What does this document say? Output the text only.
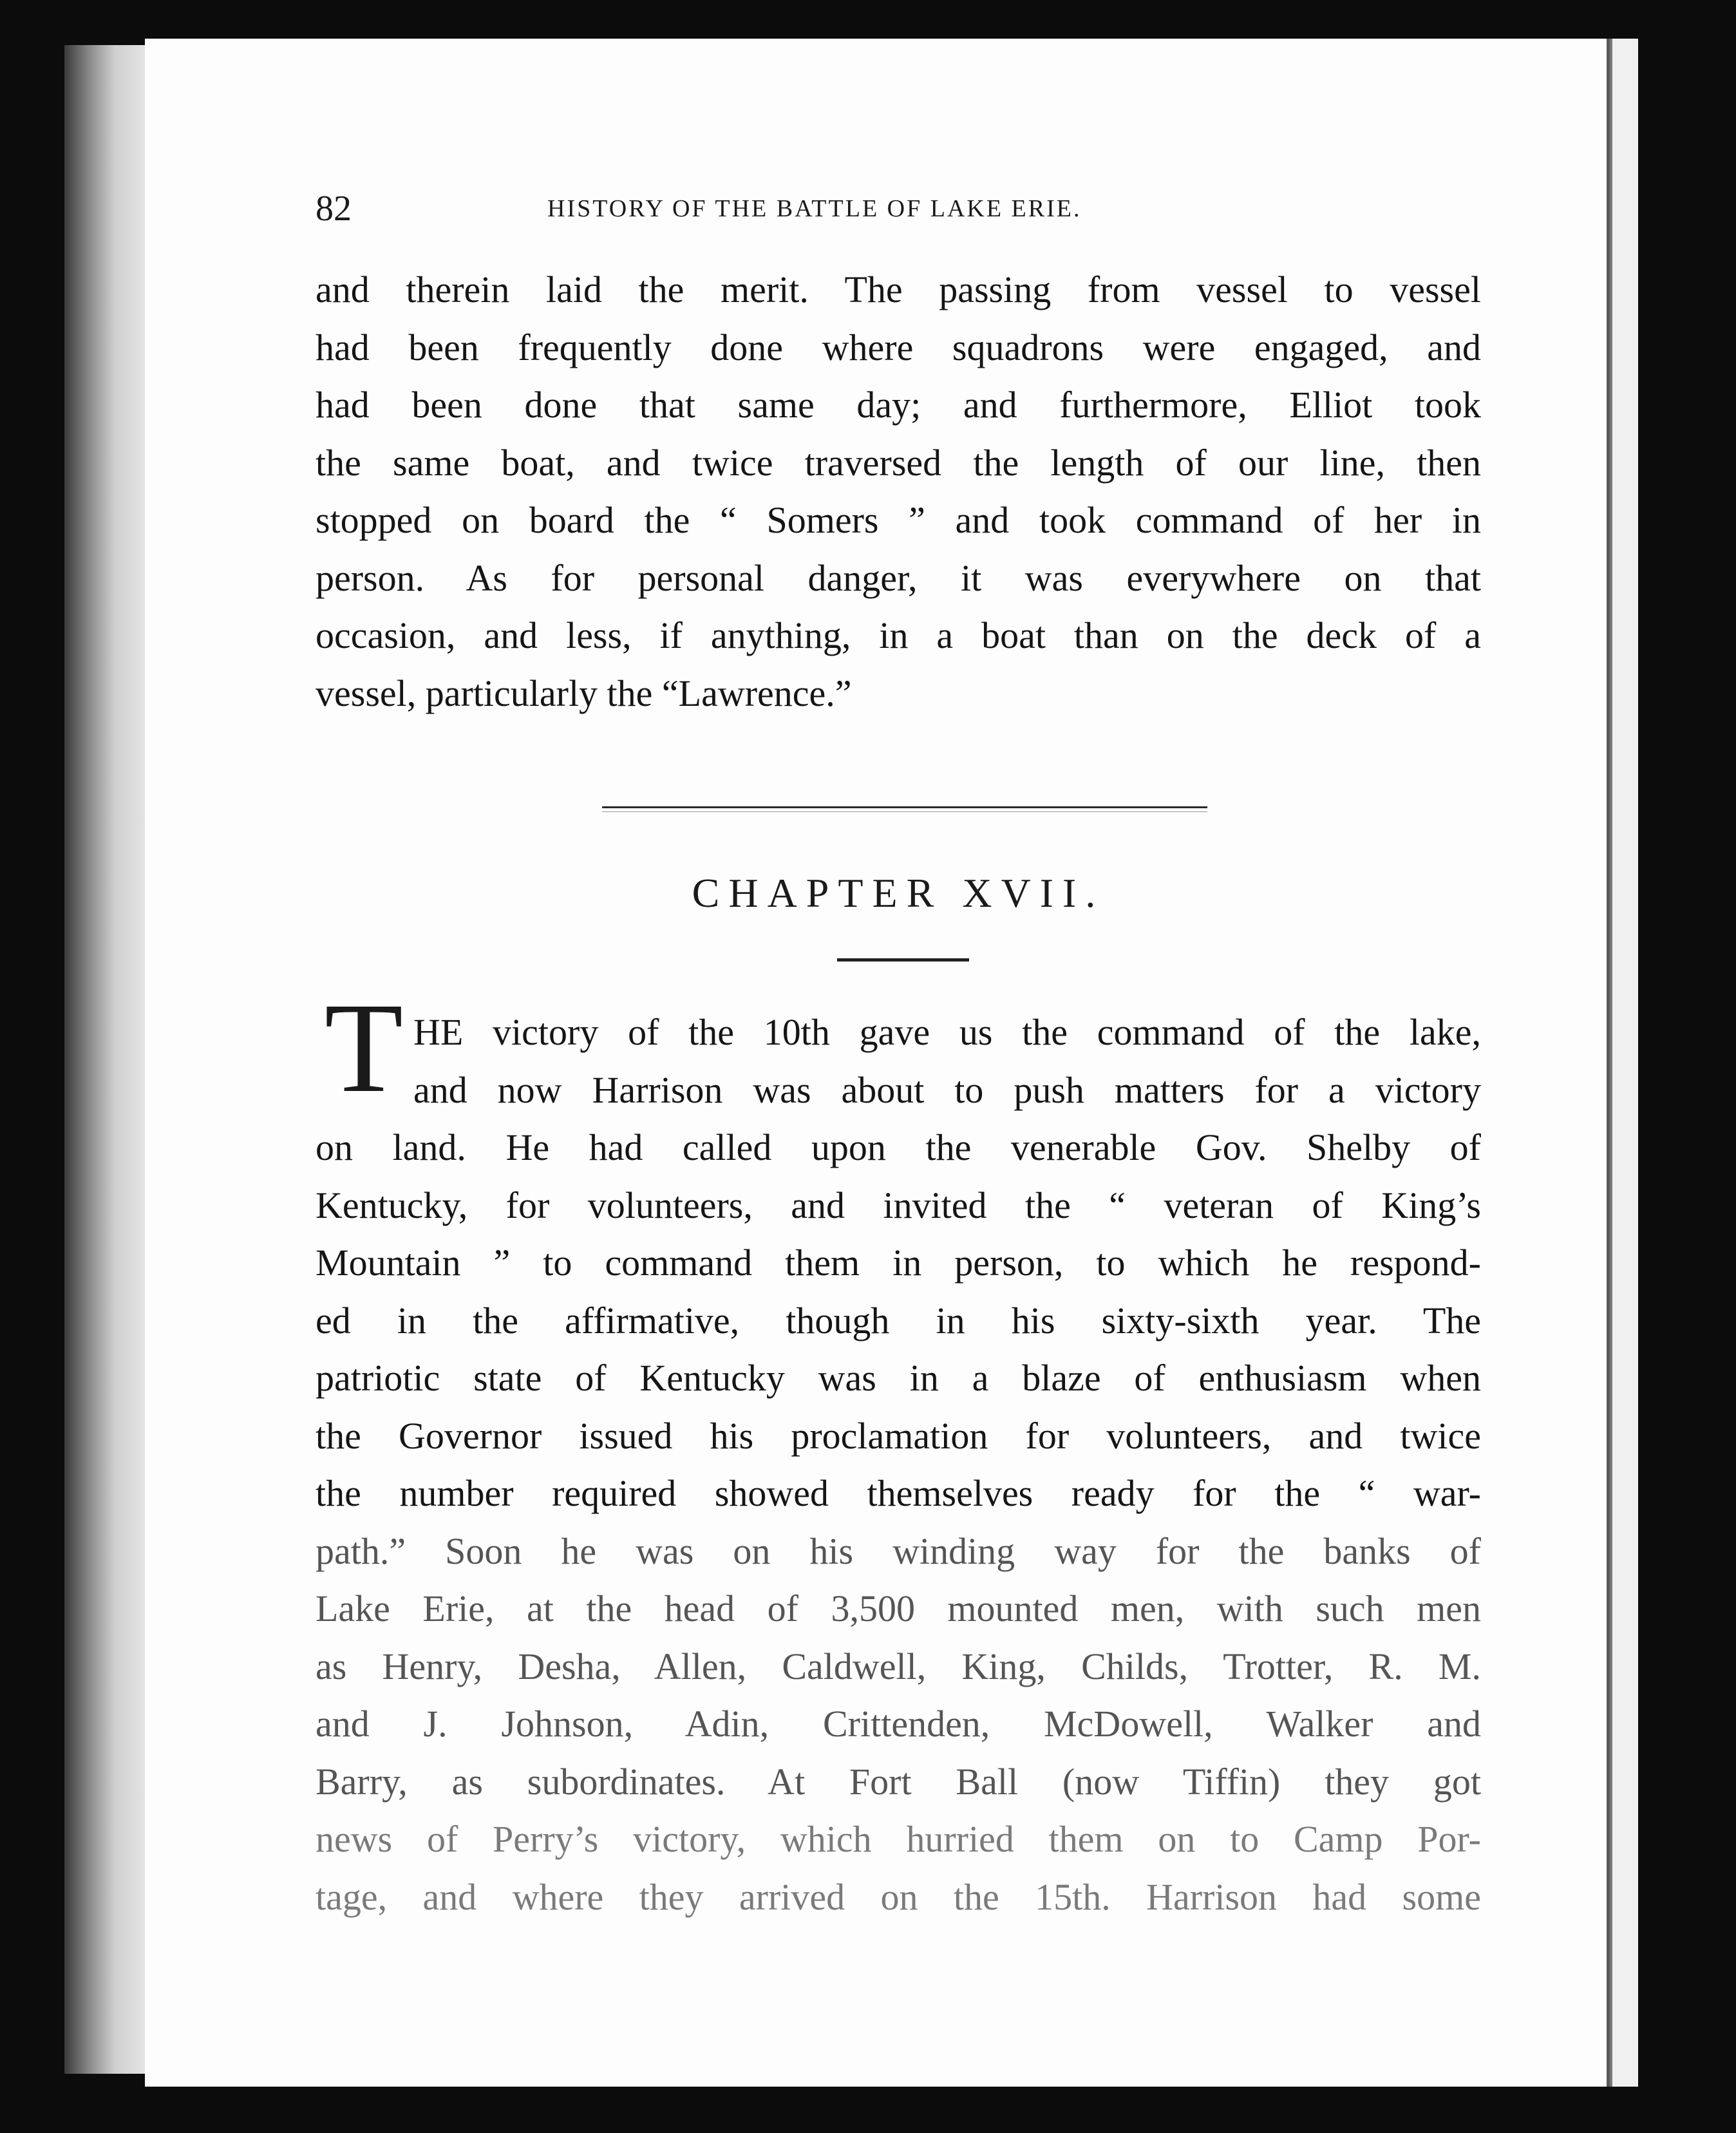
82	HISTORY OF THE BATTLE OF LAKE ERIE.
and therein laid the merit. The passing from vessel to vessel
had been frequently done where squadrons were engaged, and
had been done that same day; and furthermore, Elliot took
the same boat, and twice traversed the length of our line, then
stopped on board the “ Somers ” and took command of her in
person. As for personal danger, it was everywhere on that
occasion, and less, if anything, in a boat than on the deck of a
vessel, particularly the “Lawrence.”
CHAPTER XVII.
T HE victory of the 10th gave us the command of the lake,
and now Harrison was about to push matters for a victory
on land. He had called upon the venerable Gov. Shelby of
Kentucky, for volunteers, and invited the “ veteran of King’s
Mountain ” to command them in person, to which he respond-
ed in the affirmative, though in his sixty-sixth year. The
patriotic state of Kentucky was in a blaze of enthusiasm when
the Governor issued his proclamation for volunteers, and twice
the number required showed themselves ready for the “ war-
path.” Soon he was on his winding way for the banks of
Lake Erie, at the head of 3,500 mounted men, with such men
as Henry, Desha, Allen, Caldwell, King, Childs, Trotter, R. M.
and J. Johnson, Adin, Crittenden, McDowell, Walker and
Barry, as subordinates. At Fort Ball (now Tiffin) they got
news of Perry’s victory, which hurried them on to Camp Por-
tage, and where they arrived on the 15th. Harrison had some
